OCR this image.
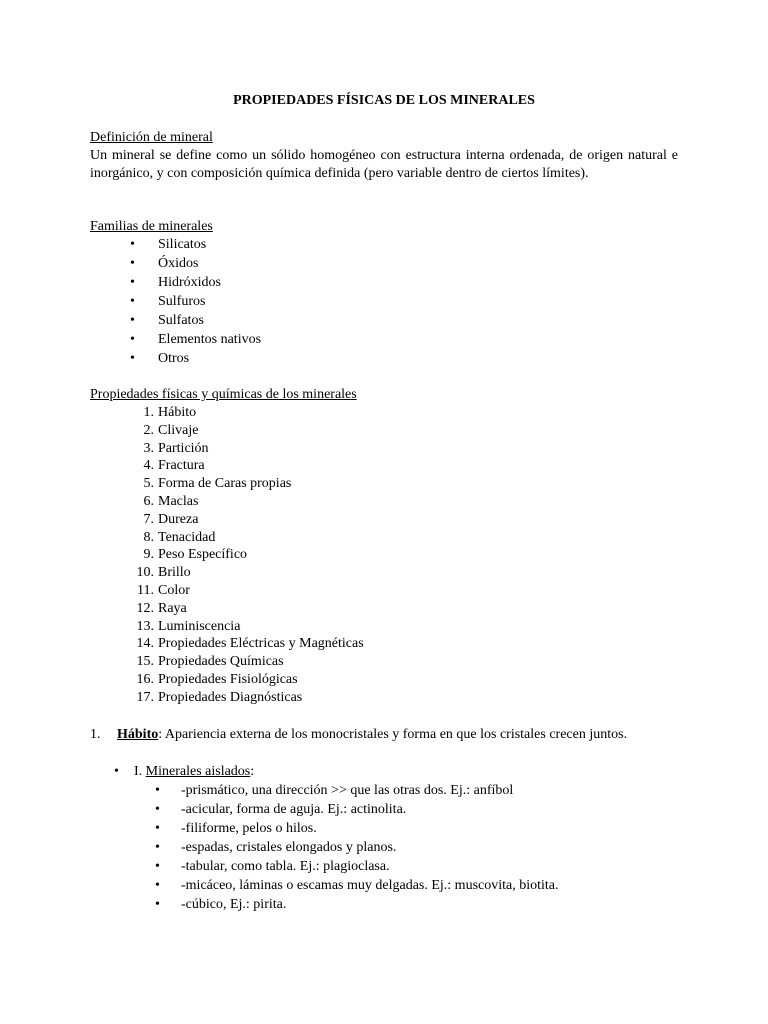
PROPIEDADES FÍSICAS DE LOS MINERALES
Definición de mineral
Un mineral se define como un sólido homogéneo con estructura interna ordenada, de origen natural e inorgánico, y con composición química definida (pero variable dentro de ciertos límites).
Familias de minerales
• Silicatos
• Óxidos
• Hidróxidos
• Sulfuros
• Sulfatos
• Elementos nativos
• Otros
Propiedades físicas y químicas de los minerales
1. Hábito
2. Clivaje
3. Partición
4. Fractura
5. Forma de Caras propias
6. Maclas
7. Dureza
8. Tenacidad
9. Peso Específico
10. Brillo
11. Color
12. Raya
13. Luminiscencia
14. Propiedades Eléctricas y Magnéticas
15. Propiedades Químicas
16. Propiedades Fisiológicas
17. Propiedades Diagnósticas
1. Hábito: Apariencia externa de los monocristales y forma en que los cristales crecen juntos.
• I. Minerales aislados:
• -prismático, una dirección >> que las otras dos. Ej.: anfíbol
• -acicular, forma de aguja. Ej.: actinolita.
• -filiforme, pelos o hilos.
• -espadas, cristales elongados y planos.
• -tabular, como tabla. Ej.: plagioclasa.
• -micáceo, láminas o escamas muy delgadas. Ej.: muscovita, biotita.
• -cúbico, Ej.: pirita.
